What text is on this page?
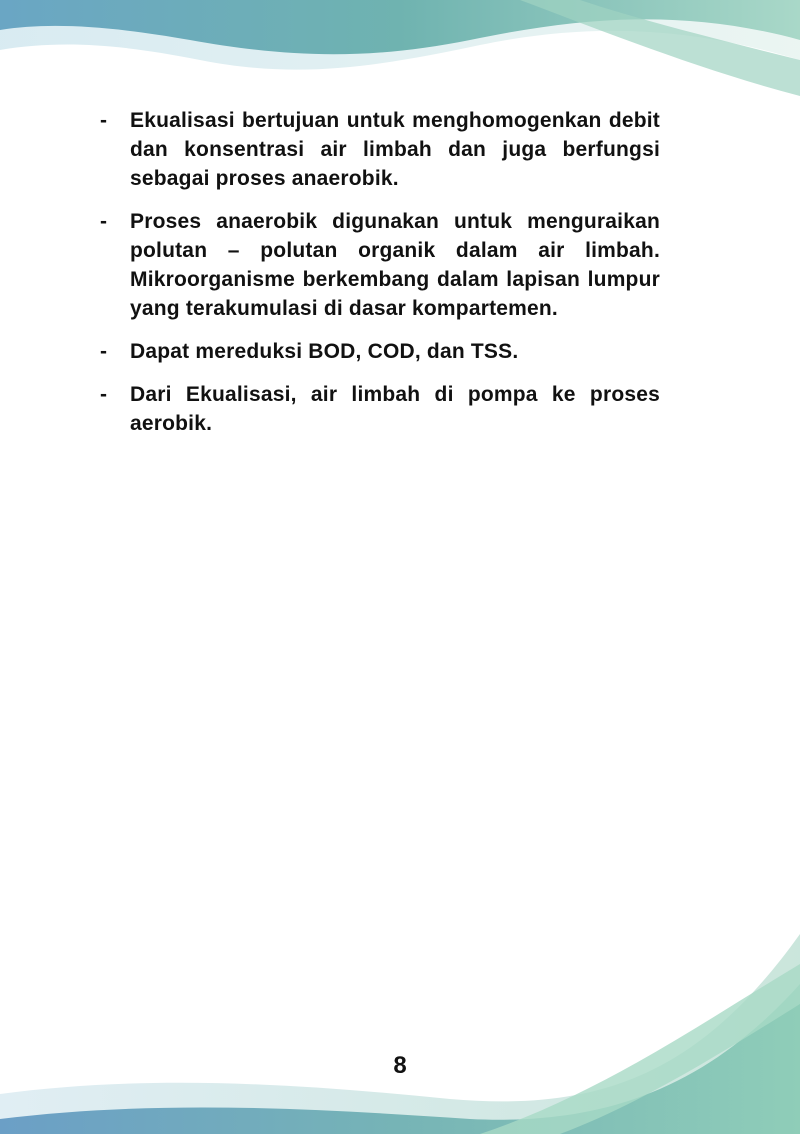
-	Ekualisasi bertujuan untuk menghomogenkan debit dan konsentrasi air limbah dan juga berfungsi sebagai proses anaerobik.
-	Proses anaerobik digunakan untuk menguraikan polutan – polutan organik dalam air limbah. Mikroorganisme berkembang dalam lapisan lumpur yang terakumulasi di dasar kompartemen.
-	Dapat mereduksi BOD, COD, dan TSS.
-	Dari Ekualisasi, air limbah di pompa ke proses aerobik.
8
